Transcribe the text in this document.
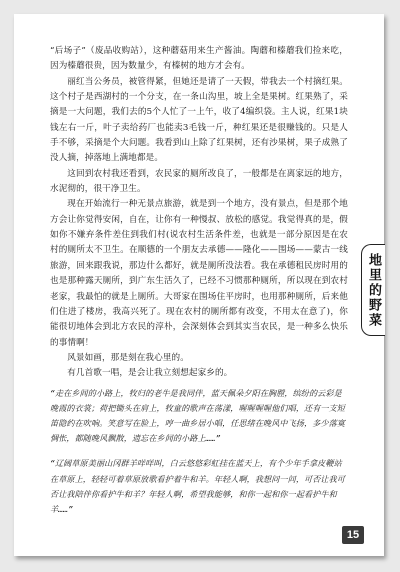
“后场子”（废品收购站），这种蘑菇用来生产酱油。陶蘑和榛蘑我们捡来吃，因为榛蘑很贵，因为数量少，有榛树的地方才会有。

丽红当公务员，被管得紧，但她还是请了一天假，带我去一个村摘红果。这个村子是西湖村的一个分支，在一条山沟里，坡上全是果树。红果熟了，采摘是一大问题，我们去的5个人忙了一上午，收了4编织袋。主人说，红果1块钱左右一斤，叶子卖给药厂也能卖3毛钱一斤，种红果还是很赚钱的。只是人手不够，采摘是个大问题。我看到山上除了红果树，还有沙果树，果子成熟了没人摘，掉落地上满地都是。

这回到农村我还看到，农民家的厕所改良了，一般都是在离家远的地方，水泥彻的，很干净卫生。

现在开始流行一种无景点旅游，就是到一个地方，没有景点，但是那个地方会让你觉得安闲，自在，让你有一种慢叔、放松的感觉。我觉得真的是，假如你不嫌弃条件差住到我们村(说农村生活条件差，也就是一部分原因是在农村的厕所太不卫生。在顺德的一个朋友去承德——隆化——围场——蒙古一线旅游，回来跟我说，那边什么都好，就是厕所没法看。我在承德租民房时用的也是那种露天厕所，到广东生活久了，已经不习惯那种厕所，所以现在到农村老家，我最怕的就是上厕所。大哥家在围场住平房时，也用那种厕所，后来他们住进了楼房，我高兴死了。现在农村的厕所都有改变，不用太在意了)，你能很切地体会到北方农民的淳朴，会深刻体会到其实当农民，是一种多么快乐的事情啊！

风景如画，那是刻在我心里的。

有几首歌一唱，是会让我立刻想起家乡的。

“走在乡间的小路上，牧归的老牛是我同伴，蓝天佩朵夕阳在胸膛，缤纷的云彩是晚霞的衣裳；荷把锄头在肩上，牧童的歌声在荡漾，喔喔喔喔他们唱，还有一支短笛隐约在吹响。笑意写在脸上，哼一曲乡居小唱，任思绪在晚风中飞扬，多少落寞惆怅，都随晚风飘散，遗忘在乡间的小路上……”

“辽阔草原美丽山冈群羊咩咩叫，白云悠悠彩虹挂在蓝天上，有个少年手拿皮鞭站在草原上，轻轻可着草原放歌看护着牛和羊。年轻人啊，我想问一问，可否让我可否让我陪伴你看护牛和羊？年轻人啊，希望我能够，和你一起和你一起看护牛和羊……”

地里的野菜
15
